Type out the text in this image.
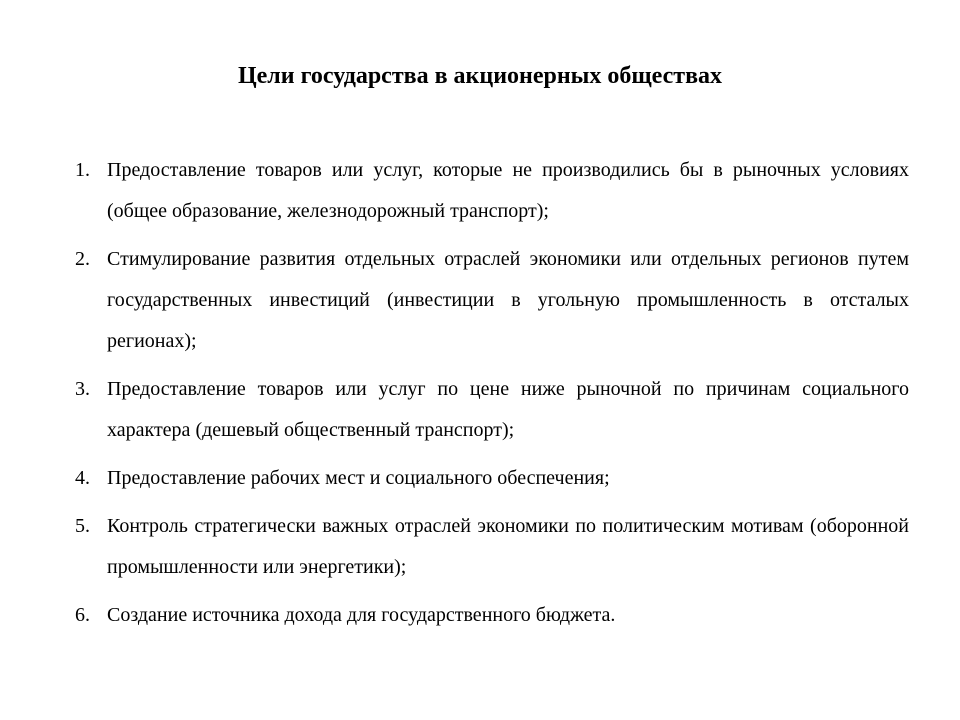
Цели государства в акционерных обществах
1. Предоставление товаров или услуг, которые не производились бы в рыночных условиях (общее образование, железнодорожный транспорт);
2. Стимулирование развития отдельных отраслей экономики или отдельных регионов путем государственных инвестиций (инвестиции в угольную промышленность в отсталых регионах);
3. Предоставление товаров или услуг по цене ниже рыночной по причинам социального характера (дешевый общественный транспорт);
4. Предоставление рабочих мест и социального обеспечения;
5. Контроль стратегически важных отраслей экономики по политическим мотивам (оборонной промышленности или энергетики);
6. Создание источника дохода для государственного бюджета.
